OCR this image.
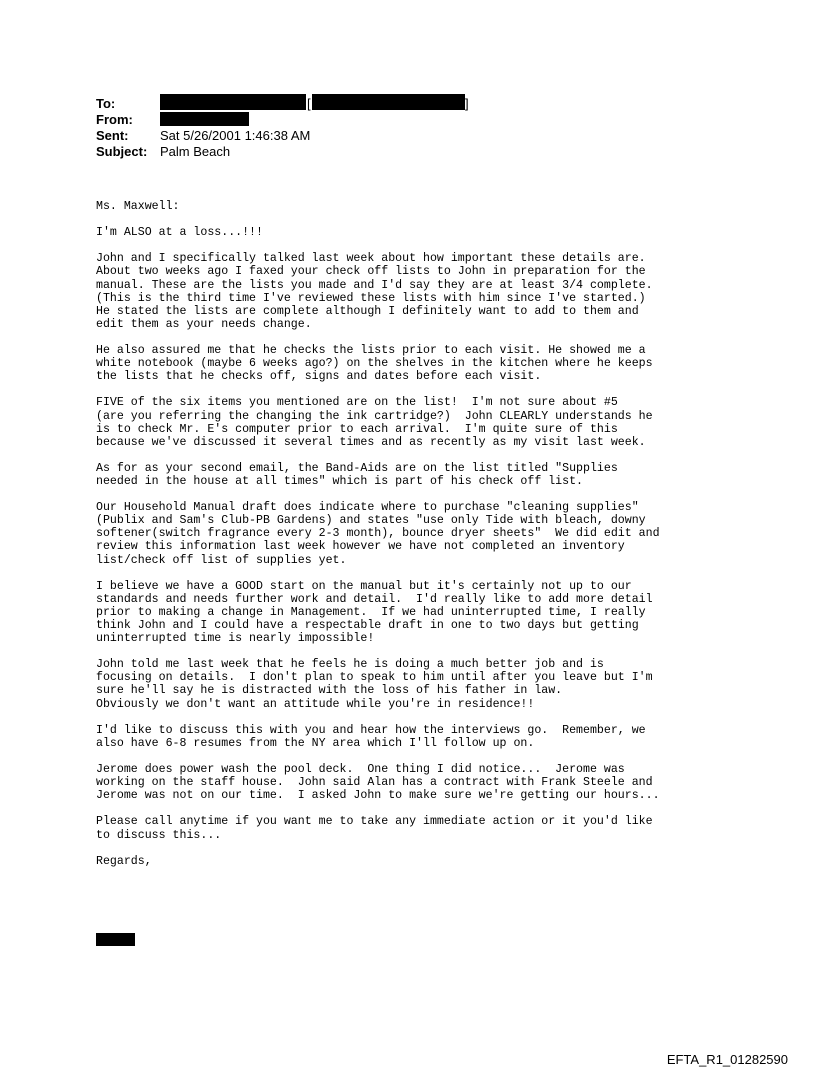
To:	[	]
From:
Sent: Sat 5/26/2001 1:46:38 AM
Subject: Palm Beach

Ms. Maxwell:

I'm ALSO at a loss...!!!

John and I specifically talked last week about how important these details are.
About two weeks ago I faxed your check off lists to John in preparation for the
manual. These are the lists you made and I'd say they are at least 3/4 complete.
(This is the third time I've reviewed these lists with him since I've started.)
He stated the lists are complete although I definitely want to add to them and
edit them as your needs change.

He also assured me that he checks the lists prior to each visit. He showed me a
white notebook (maybe 6 weeks ago?) on the shelves in the kitchen where he keeps
the lists that he checks off, signs and dates before each visit.

FIVE of the six items you mentioned are on the list!  I'm not sure about #5
(are you referring the changing the ink cartridge?)  John CLEARLY understands he
is to check Mr. E's computer prior to each arrival.  I'm quite sure of this
because we've discussed it several times and as recently as my visit last week.

As for as your second email, the Band-Aids are on the list titled "Supplies
needed in the house at all times" which is part of his check off list.

Our Household Manual draft does indicate where to purchase "cleaning supplies"
(Publix and Sam's Club-PB Gardens) and states "use only Tide with bleach, downy
softener(switch fragrance every 2-3 month), bounce dryer sheets"  We did edit and
review this information last week however we have not completed an inventory
list/check off list of supplies yet.

I believe we have a GOOD start on the manual but it's certainly not up to our
standards and needs further work and detail.  I'd really like to add more detail
prior to making a change in Management.  If we had uninterrupted time, I really
think John and I could have a respectable draft in one to two days but getting
uninterrupted time is nearly impossible!

John told me last week that he feels he is doing a much better job and is
focusing on details.  I don't plan to speak to him until after you leave but I'm
sure he'll say he is distracted with the loss of his father in law.
Obviously we don't want an attitude while you're in residence!!

I'd like to discuss this with you and hear how the interviews go.  Remember, we
also have 6-8 resumes from the NY area which I'll follow up on.

Jerome does power wash the pool deck.  One thing I did notice...  Jerome was
working on the staff house.  John said Alan has a contract with Frank Steele and
Jerome was not on our time.  I asked John to make sure we're getting our hours...

Please call anytime if you want me to take any immediate action or it you'd like
to discuss this...

Regards,

EFTA_R1_01282590
